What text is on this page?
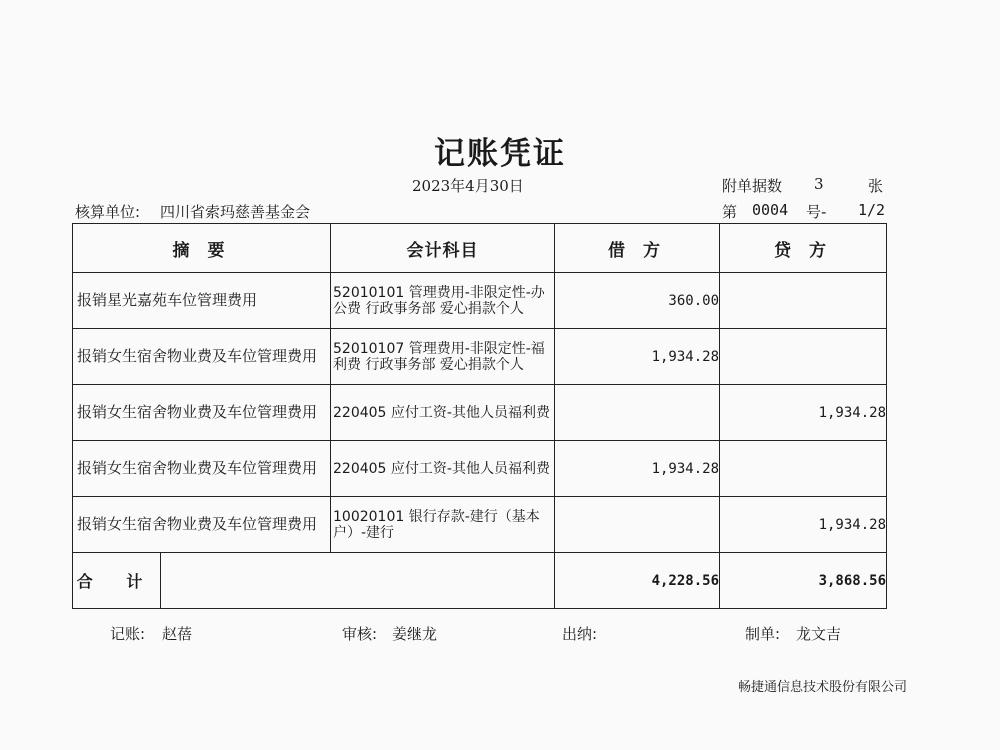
记账凭证
2023年4月30日	附单据数 3	张
核算单位: 四川省索玛慈善基金会	第 0004 号- 1/2
摘 要	会计科目	借 方	贷 方

报销星光嘉苑车位管理费用	52010101 管理费用-非限定性-办公费 行政事务部 爱心捐款个人	360.00	

报销女生宿舍物业费及车位管理费用	52010107 管理费用-非限定性-福利费 行政事务部 爱心捐款个人	1,934.28	

报销女生宿舍物业费及车位管理费用	220405 应付工资-其他人员福利费		1,934.28

报销女生宿舍物业费及车位管理费用	220405 应付工资-其他人员福利费	1,934.28	

报销女生宿舍物业费及车位管理费用	10020101 银行存款-建行（基本户）-建行		1,934.28

合 计		4,228.56	3,868.56
记账: 赵蓓	审核: 姜继龙	出纳:	制单: 龙文吉
畅捷通信息技术股份有限公司
